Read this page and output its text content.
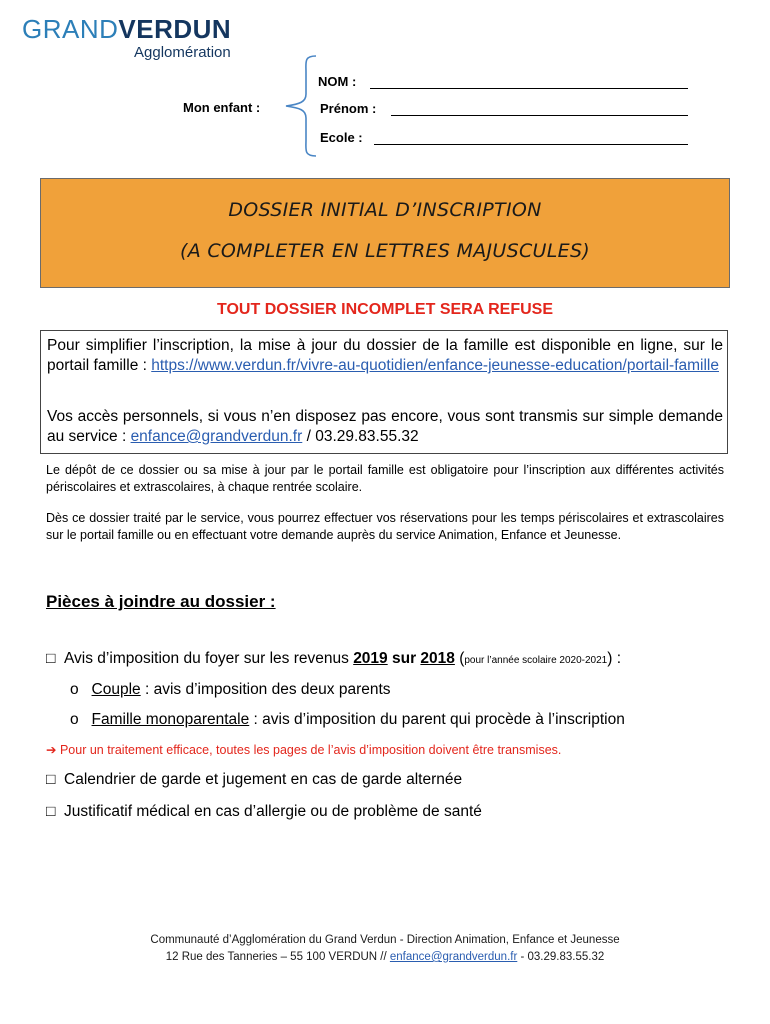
GRANDVERDUN
Agglomération
Mon enfant :
NOM :
Prénom :
Ecole :
DOSSIER INITIAL D’INSCRIPTION
(A COMPLETER EN LETTRES MAJUSCULES)
TOUT DOSSIER INCOMPLET SERA REFUSE
Pour simplifier l’inscription, la mise à jour du dossier de la famille est disponible en ligne, sur le portail famille : https://www.verdun.fr/vivre-au-quotidien/enfance-jeunesse-education/portail-famille
Vos accès personnels, si vous n’en disposez pas encore, vous sont transmis sur simple demande au service : enfance@grandverdun.fr / 03.29.83.55.32
Le dépôt de ce dossier ou sa mise à jour par le portail famille est obligatoire pour l’inscription aux différentes activités périscolaires et extrascolaires, à chaque rentrée scolaire.
Dès ce dossier traité par le service, vous pourrez effectuer vos réservations pour les temps périscolaires et extrascolaires sur le portail famille ou en effectuant votre demande auprès du service Animation, Enfance et Jeunesse.
Pièces à joindre au dossier :
□ Avis d’imposition du foyer sur les revenus 2019 sur 2018 (pour l’année scolaire 2020-2021) :
o Couple : avis d’imposition des deux parents
o Famille monoparentale : avis d’imposition du parent qui procède à l’inscription
➔ Pour un traitement efficace, toutes les pages de l’avis d’imposition doivent être transmises.
□ Calendrier de garde et jugement en cas de garde alternée
□ Justificatif médical en cas d’allergie ou de problème de santé
Communauté d’Agglomération du Grand Verdun - Direction Animation, Enfance et Jeunesse
12 Rue des Tanneries – 55 100 VERDUN // enfance@grandverdun.fr - 03.29.83.55.32
